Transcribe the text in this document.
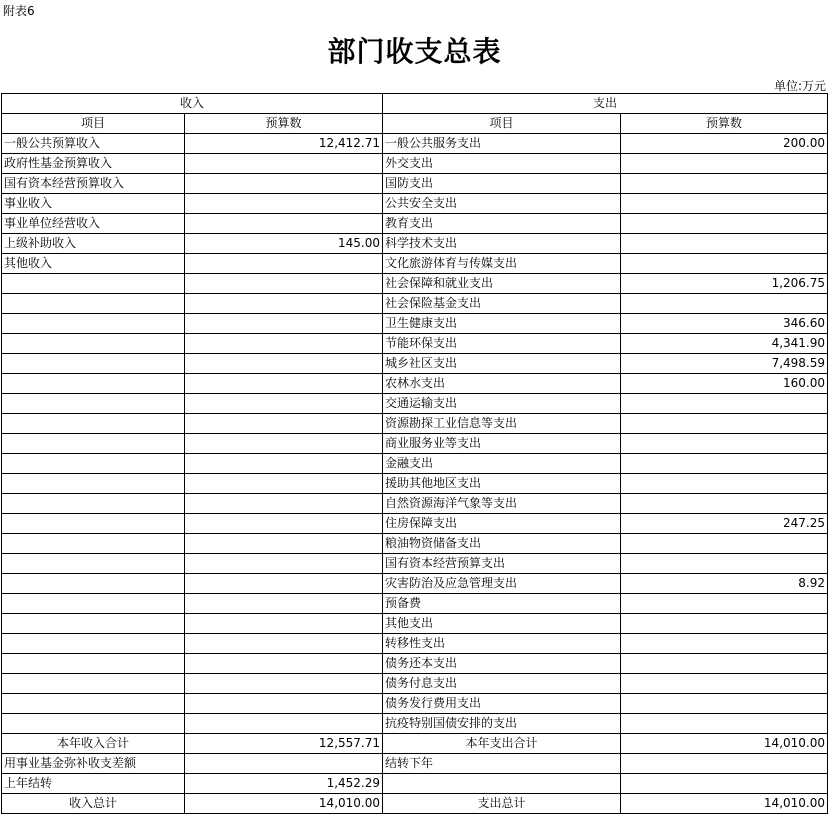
附表6
部门收支总表
单位:万元
收入		支出	
项目	预算数	项目	预算数
一般公共预算收入	12,412.71	一般公共服务支出	200.00
政府性基金预算收入		外交支出	
国有资本经营预算收入		国防支出	
事业收入		公共安全支出	
事业单位经营收入		教育支出	
上级补助收入	145.00	科学技术支出	
其他收入		文化旅游体育与传媒支出	
		社会保障和就业支出	1,206.75
		社会保险基金支出	
		卫生健康支出	346.60
		节能环保支出	4,341.90
		城乡社区支出	7,498.59
		农林水支出	160.00
		交通运输支出	
		资源勘探工业信息等支出	
		商业服务业等支出	
		金融支出	
		援助其他地区支出	
		自然资源海洋气象等支出	
		住房保障支出	247.25
		粮油物资储备支出	
		国有资本经营预算支出	
		灾害防治及应急管理支出	8.92
		预备费	
		其他支出	
		转移性支出	
		债务还本支出	
		债务付息支出	
		债务发行费用支出	
		抗疫特别国债安排的支出	
本年收入合计	12,557.71	本年支出合计	14,010.00
用事业基金弥补收支差额		结转下年	
上年结转	1,452.29		
收入总计	14,010.00	支出总计	14,010.00
